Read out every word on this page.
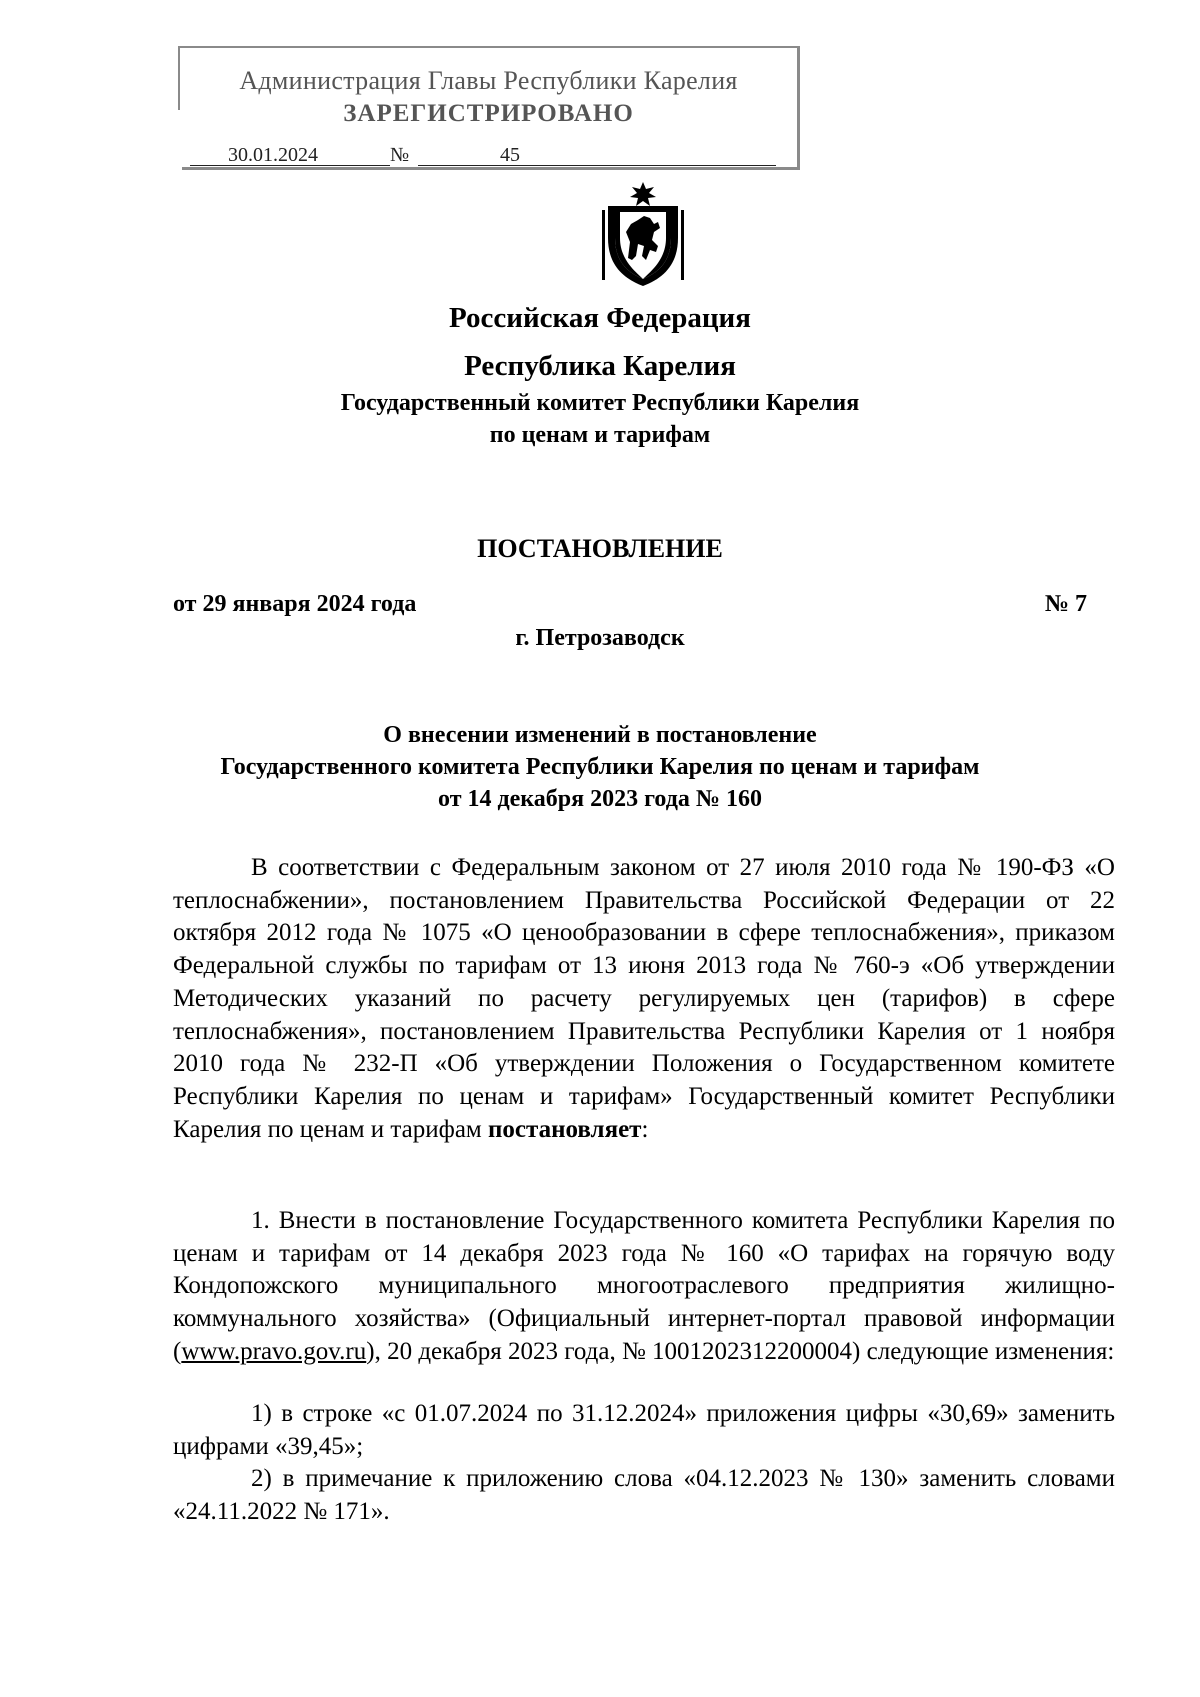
Администрация Главы Республики Карелия
ЗАРЕГИСТРИРОВАНО
30.01.2024	№	45
Российская Федерация
Республика Карелия
Государственный комитет Республики Карелия
по ценам и тарифам
ПОСТАНОВЛЕНИЕ
от 29 января 2024 года	№ 7
г. Петрозаводск
О внесении изменений в постановление
Государственного комитета Республики Карелия по ценам и тарифам
от 14 декабря 2023 года № 160

В соответствии с Федеральным законом от 27 июля 2010 года № 190-ФЗ «О теплоснабжении», постановлением Правительства Российской Федерации от 22 октября 2012 года № 1075 «О ценообразовании в сфере теплоснабжения», приказом Федеральной службы по тарифам от 13 июня 2013 года № 760-э «Об утверждении Методических указаний по расчету регулируемых цен (тарифов) в сфере теплоснабжения», постановлением Правительства Республики Карелия от 1 ноября 2010 года № 232-П «Об утверждении Положения о Государственном комитете Республики Карелия по ценам и тарифам» Государственный комитет Республики Карелия по ценам и тарифам постановляет:

1. Внести в постановление Государственного комитета Республики Карелия по ценам и тарифам от 14 декабря 2023 года № 160 «О тарифах на горячую воду Кондопожского муниципального многоотраслевого предприятия жилищно-коммунального хозяйства» (Официальный интернет-портал правовой информации (www.pravo.gov.ru), 20 декабря 2023 года, № 1001202312200004) следующие изменения:

1) в строке «с 01.07.2024 по 31.12.2024» приложения цифры «30,69» заменить цифрами «39,45»;

2) в примечание к приложению слова «04.12.2023 № 130» заменить словами «24.11.2022 № 171».
